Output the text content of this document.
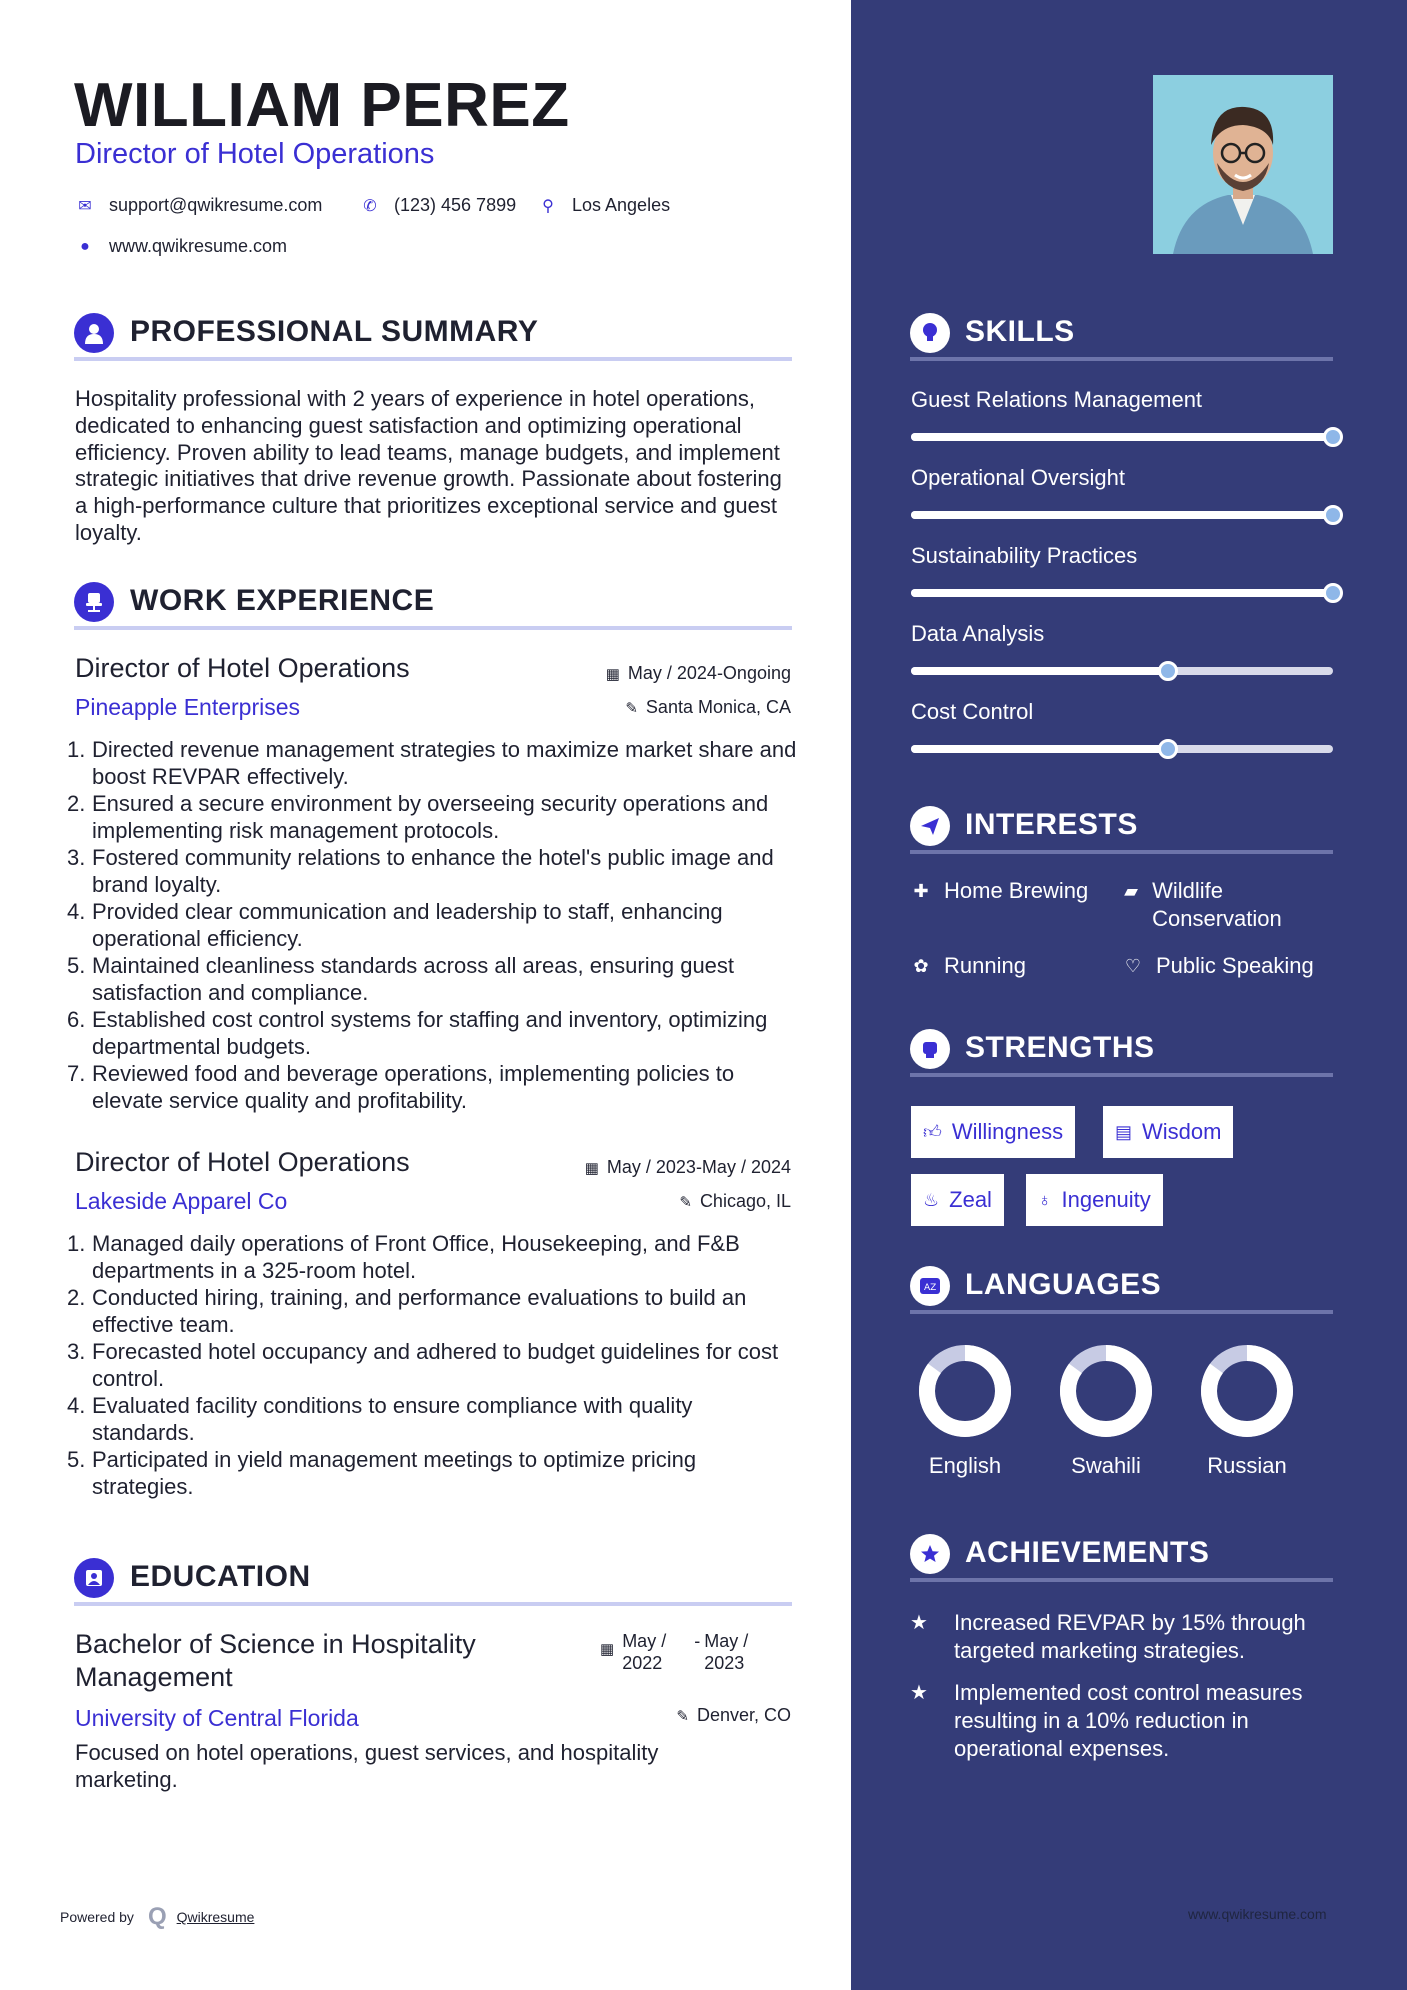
WILLIAM PEREZ
Director of Hotel Operations
✉ support@qwikresume.com	✆ (123) 456 7899 ⚲ Los Angeles
● www.qwikresume.com
PROFESSIONAL SUMMARY
Hospitality professional with 2 years of experience in hotel operations, dedicated to enhancing guest satisfaction and optimizing operational efficiency. Proven ability to lead teams, manage budgets, and implement strategic initiatives that drive revenue growth. Passionate about fostering a high-performance culture that prioritizes exceptional service and guest loyalty.
WORK EXPERIENCE
Director of Hotel Operations	▦ May / 2024-Ongoing
Pineapple Enterprises	✎ Santa Monica, CA
1. Directed revenue management strategies to maximize market share and boost REVPAR effectively.
2. Ensured a secure environment by overseeing security operations and implementing risk management protocols.
3. Fostered community relations to enhance the hotel's public image and brand loyalty.
4. Provided clear communication and leadership to staff, enhancing operational efficiency.
5. Maintained cleanliness standards across all areas, ensuring guest satisfaction and compliance.
6. Established cost control systems for staffing and inventory, optimizing departmental budgets.
7. Reviewed food and beverage operations, implementing policies to elevate service quality and profitability.
Director of Hotel Operations	▦ May / 2023-May / 2024
Lakeside Apparel Co	✎ Chicago, IL
1. Managed daily operations of Front Office, Housekeeping, and F&B departments in a 325-room hotel.
2. Conducted hiring, training, and performance evaluations to build an effective team.
3. Forecasted hotel occupancy and adhered to budget guidelines for cost control.
4. Evaluated facility conditions to ensure compliance with quality standards.
5. Participated in yield management meetings to optimize pricing strategies.
EDUCATION
Bachelor of Science in Hospitality
Management
▦ May /
2022
- May /
2023
University of Central Florida	✎ Denver, CO
Focused on hotel operations, guest services, and hospitality marketing.
Powered by Q Qwikresume	www.qwikresume.com
SKILLS
Guest Relations Management
Operational Oversight
Sustainability Practices
Data Analysis
Cost Control
INTERESTS
✚ Home Brewing ▰ Wildlife Conservation
✿ Running	♡ Public Speaking
STRENGTHS
👍︎ Willingness	▤ Wisdom
♨ Zeal	♁ Ingenuity
AZ LANGUAGES
English	Swahili	Russian
ACHIEVEMENTS
★	Increased REVPAR by 15% through targeted marketing strategies.
★	Implemented cost control measures resulting in a 10% reduction in operational expenses.
